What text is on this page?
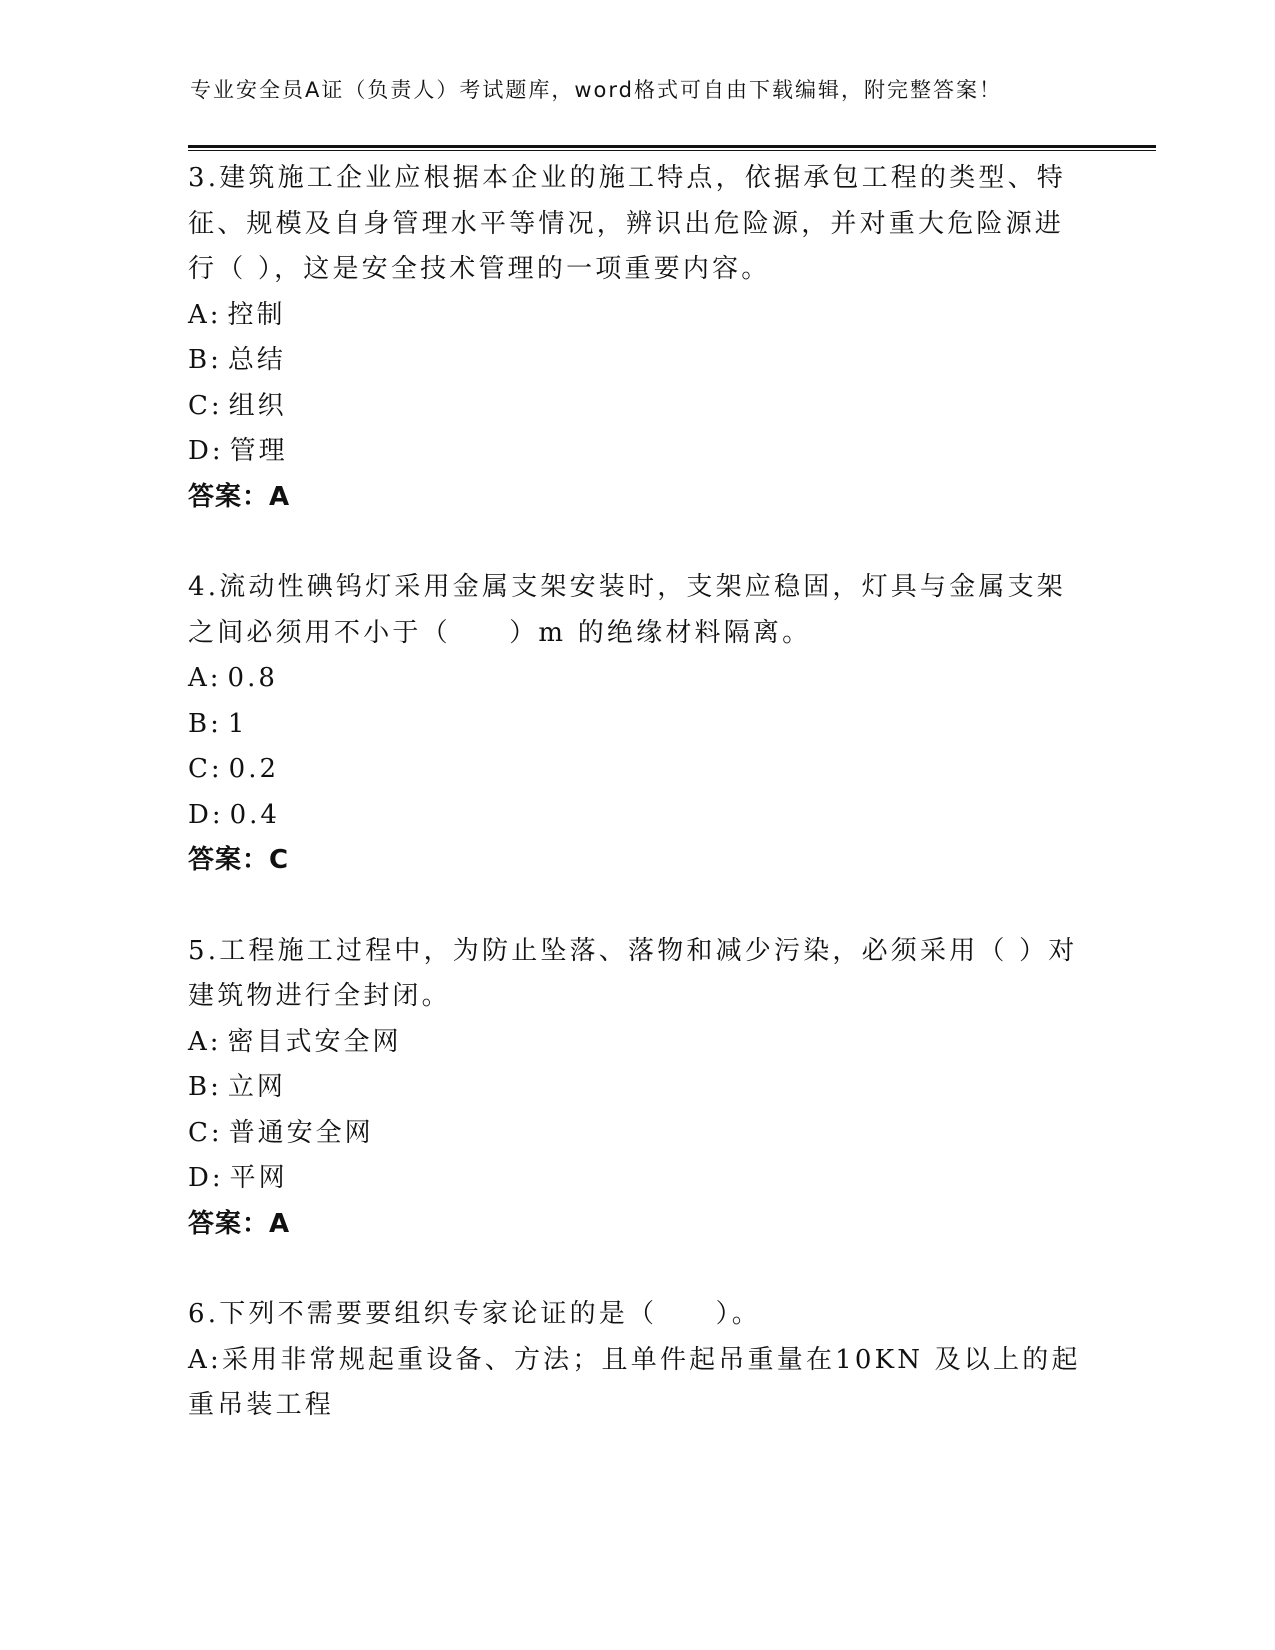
专业安全员A证（负责人）考试题库，word格式可自由下载编辑，附完整答案！
3.建筑施工企业应根据本企业的施工特点，依据承包工程的类型、特征、规模及自身管理水平等情况，辨识出危险源，并对重大危险源进行（ ），这是安全技术管理的一项重要内容。
A: 控制
B: 总结
C: 组织
D: 管理
答案：A
4.流动性碘钨灯采用金属支架安装时，支架应稳固，灯具与金属支架之间必须用不小于（　　）m 的绝缘材料隔离。
A: 0.8
B: 1
C: 0.2
D: 0.4
答案：C
5.工程施工过程中，为防止坠落、落物和减少污染，必须采用（ ）对建筑物进行全封闭。
A: 密目式安全网
B: 立网
C: 普通安全网
D: 平网
答案：A
6.下列不需要要组织专家论证的是（　　）。
A:采用非常规起重设备、方法；且单件起吊重量在10KN 及以上的起重吊装工程
